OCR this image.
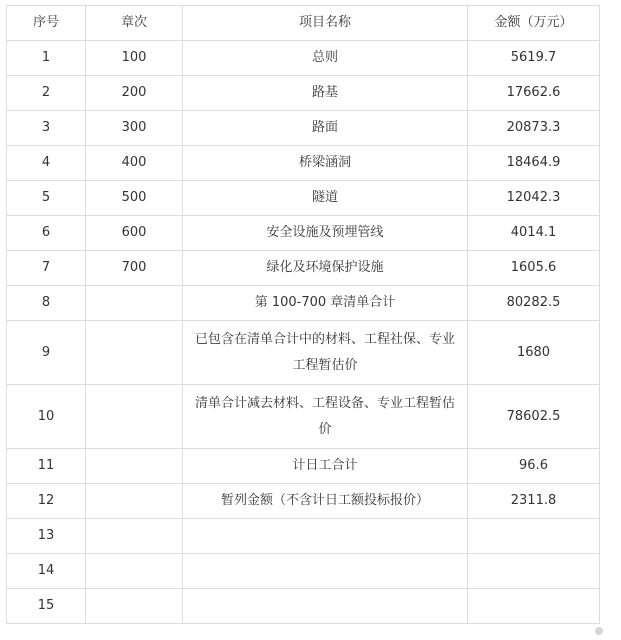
序号	章次	项目名称	金额（万元）
1	100	总则	5619.7
2	200	路基	17662.6
3	300	路面	20873.3
4	400	桥梁涵洞	18464.9
5	500	隧道	12042.3
6	600	安全设施及预埋管线	4014.1
7	700	绿化及环境保护设施	1605.6
8		第 100-700 章清单合计	80282.5
9		已包含在清单合计中的材料、工程社保、专业工程暂估价	1680
10		清单合计减去材料、工程设备、专业工程暂估价	78602.5
11		计日工合计	96.6
12		暂列金额（不含计日工额投标报价）	2311.8
13			
14			
15			
